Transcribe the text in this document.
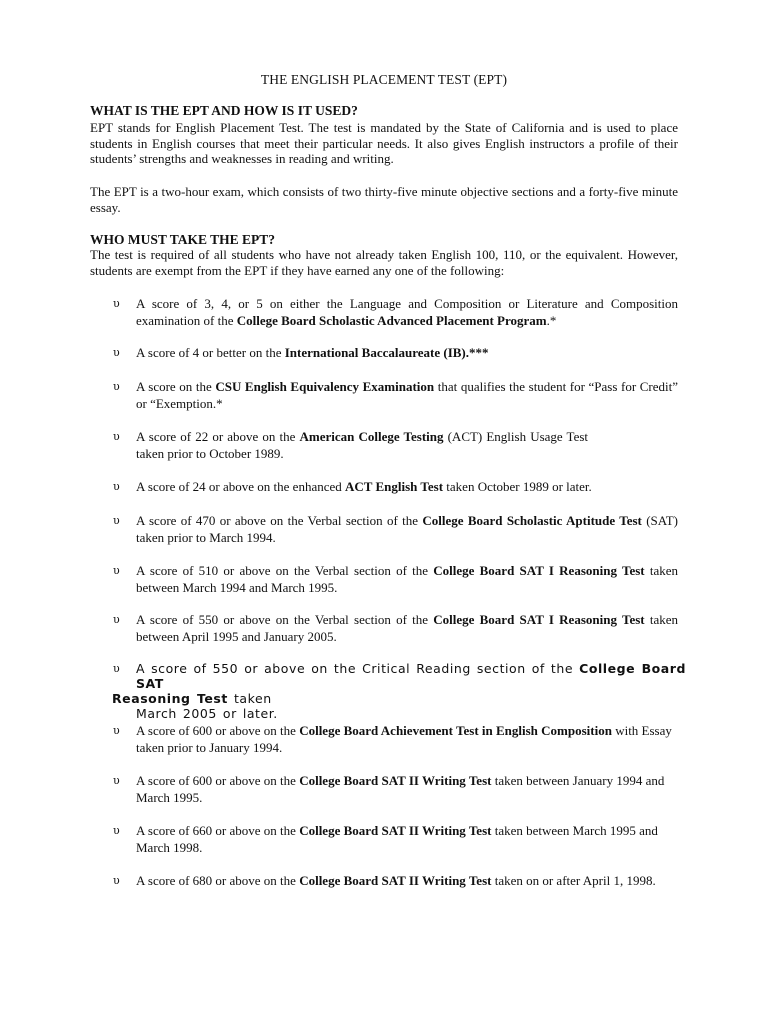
THE ENGLISH PLACEMENT TEST (EPT)
WHAT IS THE EPT AND HOW IS IT USED?

EPT stands for English Placement Test. The test is mandated by the State of California and is used to place students in English courses that meet their particular needs. It also gives English instructors a profile of their students’ strengths and weaknesses in reading and writing.

The EPT is a two-hour exam, which consists of two thirty-five minute objective sections and a forty-five minute essay.

WHO MUST TAKE THE EPT?

The test is required of all students who have not already taken English 100, 110, or the equivalent. However, students are exempt from the EPT if they have earned any one of the following:

υ	A score of 3, 4, or 5 on either the Language and Composition or Literature and Composition examination of the College Board Scholastic Advanced Placement Program.*
υ	A score of 4 or better on the International Baccalaureate (IB).***
υ	A score on the CSU English Equivalency Examination that qualifies the student for “Pass for Credit” or “Exemption.*
υ	A score of 22 or above on the American College Testing (ACT) English Usage Test taken prior to October 1989.
υ	A score of 24 or above on the enhanced ACT English Test taken October 1989 or later.
υ	A score of 470 or above on the Verbal section of the College Board Scholastic Aptitude Test (SAT) taken prior to March 1994.
υ	A score of 510 or above on the Verbal section of the College Board SAT I Reasoning Test taken between March 1994 and March 1995.
υ	A score of 550 or above on the Verbal section of the College Board SAT I Reasoning Test taken between April 1995 and January 2005.
υ	A score of 550 or above on the Critical Reading section of the College Board SAT
Reasoning Test taken
March 2005 or later.
υ	A score of 600 or above on the College Board Achievement Test in English Composition with Essay taken prior to January 1994.
υ	A score of 600 or above on the College Board SAT II Writing Test taken between January 1994 and March 1995.
υ	A score of 660 or above on the College Board SAT II Writing Test taken between March 1995 and March 1998.
υ	A score of 680 or above on the College Board SAT II Writing Test taken on or after April 1, 1998.
